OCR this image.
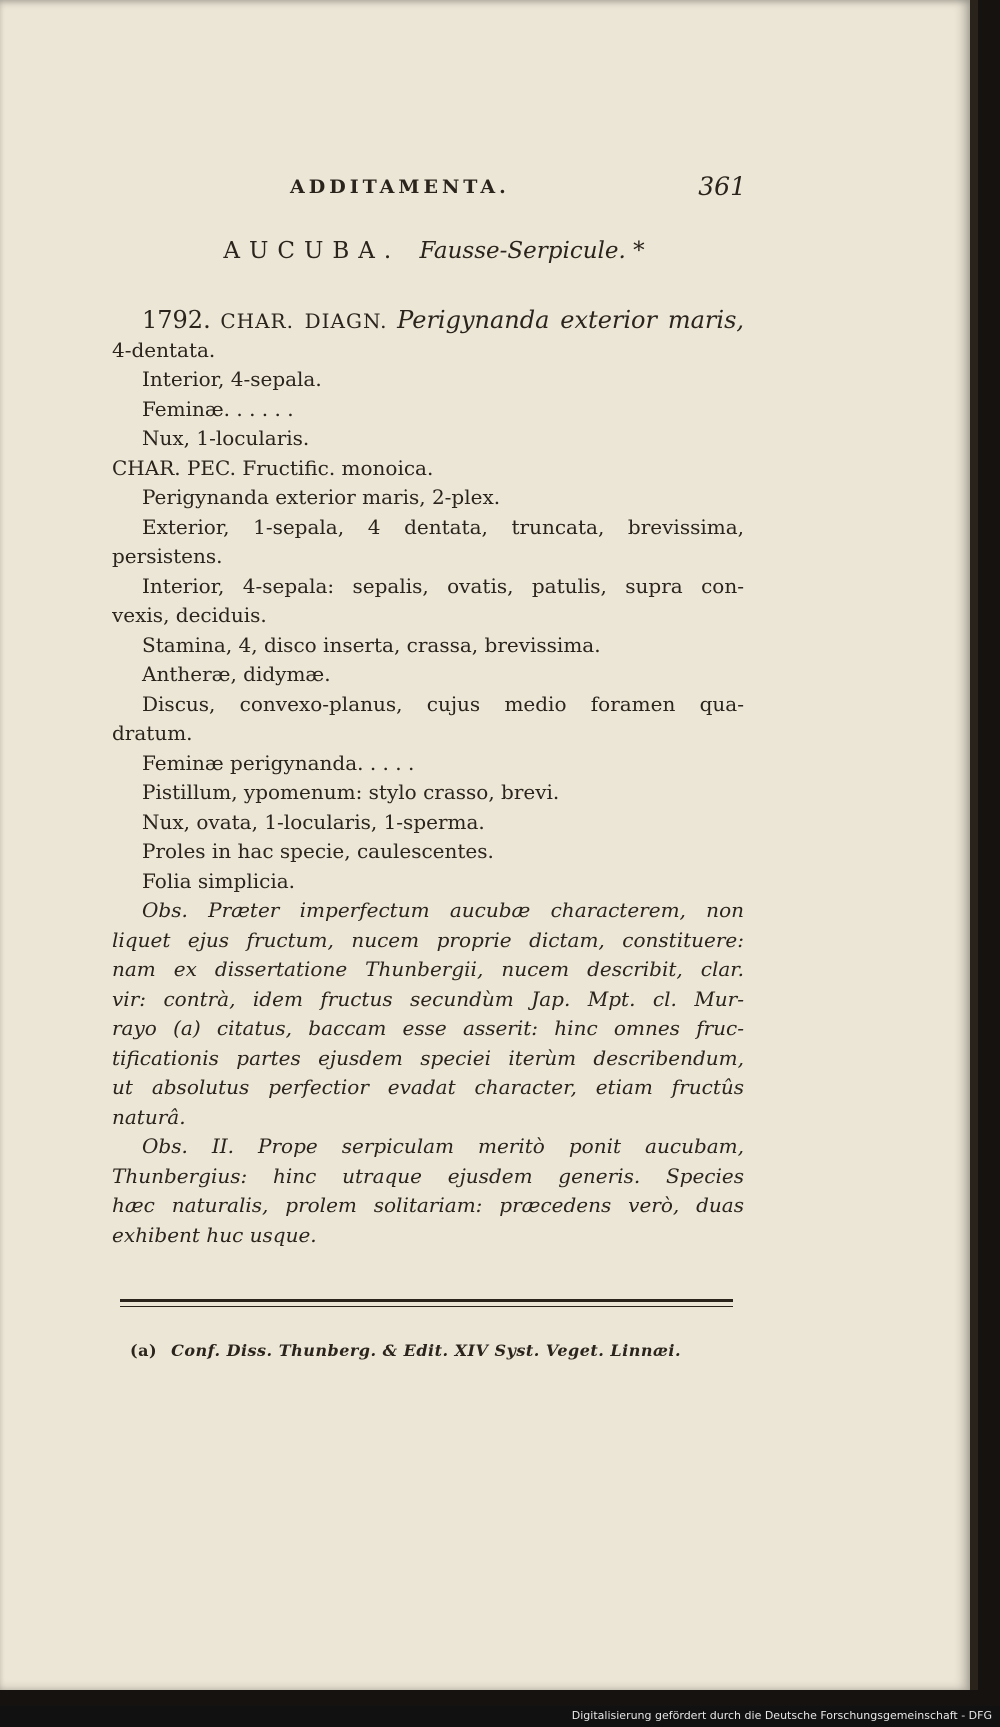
ADDITAMENTA.	361
AUCUBA. Fausse-Serpicule. *
1792. CHAR. DIAGN. Perigynanda exterior maris,
4-dentata.
Interior, 4-sepala.
Feminæ. . . . . .
Nux, 1-locularis.
CHAR. PEC. Fructific. monoica.
Perigynanda exterior maris, 2-plex.
Exterior, 1-sepala, 4 dentata, truncata, brevissima,
persistens.
Interior, 4-sepala: sepalis, ovatis, patulis, supra con-
vexis, deciduis.
Stamina, 4, disco inserta, crassa, brevissima.
Antheræ, didymæ.
Discus, convexo-planus, cujus medio foramen qua-
dratum.
Feminæ perigynanda. . . . .
Pistillum, ypomenum: stylo crasso, brevi.
Nux, ovata, 1-locularis, 1-sperma.
Proles in hac specie, caulescentes.
Folia simplicia.
Obs. Præter imperfectum aucubæ characterem, non
liquet ejus fructum, nucem proprie dictam, constituere:
nam ex dissertatione Thunbergii, nucem describit, clar.
vir: contrà, idem fructus secundùm Jap. Mpt. cl. Mur-
rayo (a) citatus, baccam esse asserit: hinc omnes fruc-
tificationis partes ejusdem speciei iterùm describendum,
ut absolutus perfectior evadat character, etiam fructûs
naturâ.
Obs. II. Prope serpiculam meritò ponit aucubam,
Thunbergius: hinc utraque ejusdem generis. Species
hæc naturalis, prolem solitariam: præcedens verò, duas
exhibent huc usque.
(a) Conf. Diss. Thunberg. & Edit. XIV Syst. Veget. Linnæi.
Digitalisierung gefördert durch die Deutsche Forschungsgemeinschaft - DFG
